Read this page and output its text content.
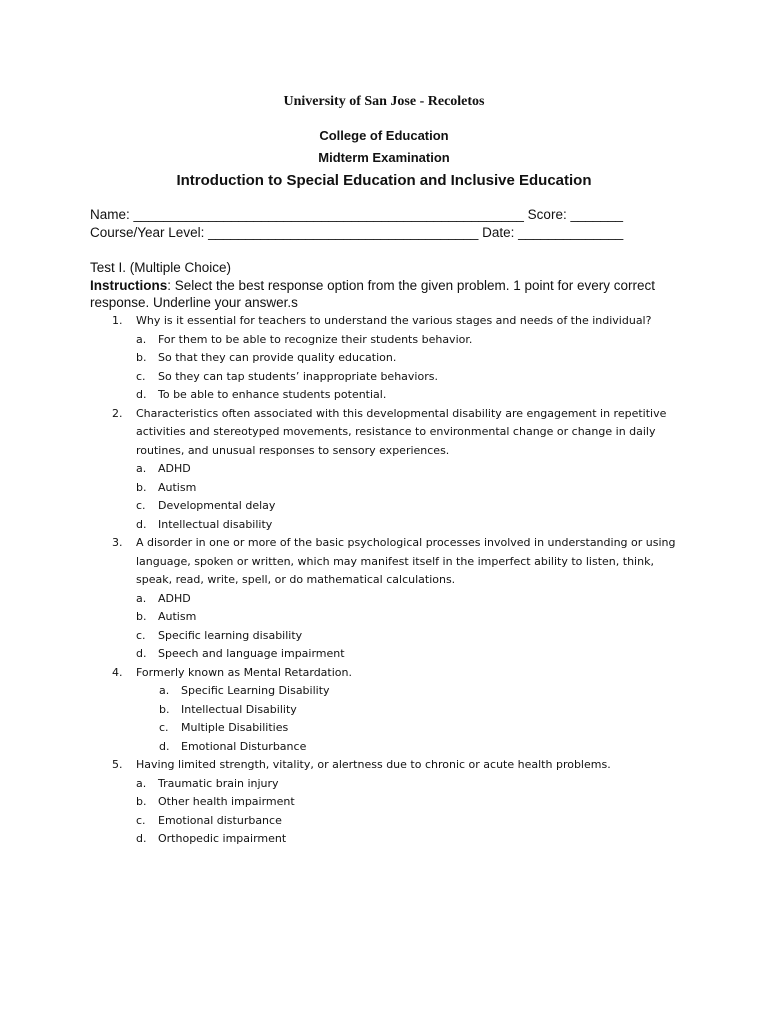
University of San Jose - Recoletos
College of Education
Midterm Examination
Introduction to Special Education and Inclusive Education
Name: ____________________________________________________ Score: _______
Course/Year Level: ____________________________________ Date: ______________
Test I. (Multiple Choice)
Instructions: Select the best response option from the given problem. 1 point for every correct response. Underline your answer.s
1. Why is it essential for teachers to understand the various stages and needs of the individual?
a. For them to be able to recognize their students behavior.
b. So that they can provide quality education.
c. So they can tap students’ inappropriate behaviors.
d. To be able to enhance students potential.
2. Characteristics often associated with this developmental disability are engagement in repetitive activities and stereotyped movements, resistance to environmental change or change in daily routines, and unusual responses to sensory experiences.
a. ADHD
b. Autism
c. Developmental delay
d. Intellectual disability
3. A disorder in one or more of the basic psychological processes involved in understanding or using language, spoken or written, which may manifest itself in the imperfect ability to listen, think, speak, read, write, spell, or do mathematical calculations.
a. ADHD
b. Autism
c. Specific learning disability
d. Speech and language impairment
4. Formerly known as Mental Retardation.
a. Specific Learning Disability
b. Intellectual Disability
c. Multiple Disabilities
d. Emotional Disturbance
5. Having limited strength, vitality, or alertness due to chronic or acute health problems.
a. Traumatic brain injury
b. Other health impairment
c. Emotional disturbance
d. Orthopedic impairment
